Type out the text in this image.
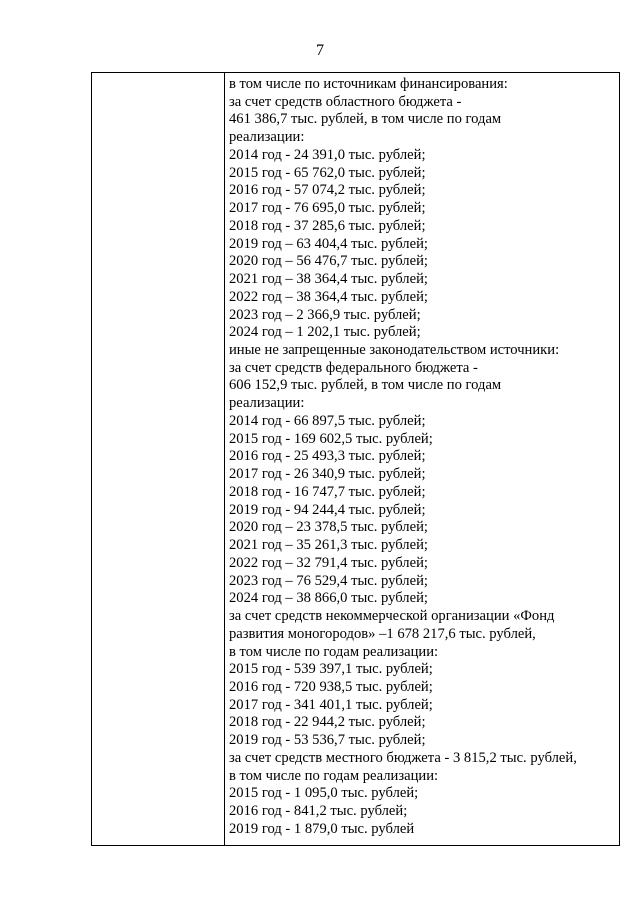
7

в том числе по источникам финансирования:
за счет средств областного бюджета -
461 386,7 тыс. рублей, в том числе по годам
реализации:
2014 год - 24 391,0 тыс. рублей;
2015 год - 65 762,0 тыс. рублей;
2016 год - 57 074,2 тыс. рублей;
2017 год - 76 695,0 тыс. рублей;
2018 год - 37 285,6 тыс. рублей;
2019 год – 63 404,4 тыс. рублей;
2020 год – 56 476,7 тыс. рублей;
2021 год – 38 364,4 тыс. рублей;
2022 год – 38 364,4 тыс. рублей;
2023 год – 2 366,9 тыс. рублей;
2024 год – 1 202,1 тыс. рублей;
иные не запрещенные законодательством источники:
за счет средств федерального бюджета -
606 152,9 тыс. рублей, в том числе по годам
реализации:
2014 год - 66 897,5 тыс. рублей;
2015 год - 169 602,5 тыс. рублей;
2016 год - 25 493,3 тыс. рублей;
2017 год - 26 340,9 тыс. рублей;
2018 год - 16 747,7 тыс. рублей;
2019 год - 94 244,4 тыс. рублей;
2020 год – 23 378,5 тыс. рублей;
2021 год – 35 261,3 тыс. рублей;
2022 год – 32 791,4 тыс. рублей;
2023 год – 76 529,4 тыс. рублей;
2024 год – 38 866,0 тыс. рублей;
за счет средств некоммерческой организации «Фонд
развития моногородов» –1 678 217,6 тыс. рублей,
в том числе по годам реализации:
2015 год - 539 397,1 тыс. рублей;
2016 год - 720 938,5 тыс. рублей;
2017 год - 341 401,1 тыс. рублей;
2018 год - 22 944,2 тыс. рублей;
2019 год - 53 536,7 тыс. рублей;
за счет средств местного бюджета - 3 815,2 тыс. рублей,
в том числе по годам реализации:
2015 год - 1 095,0 тыс. рублей;
2016 год - 841,2 тыс. рублей;
2019 год - 1 879,0 тыс. рублей
